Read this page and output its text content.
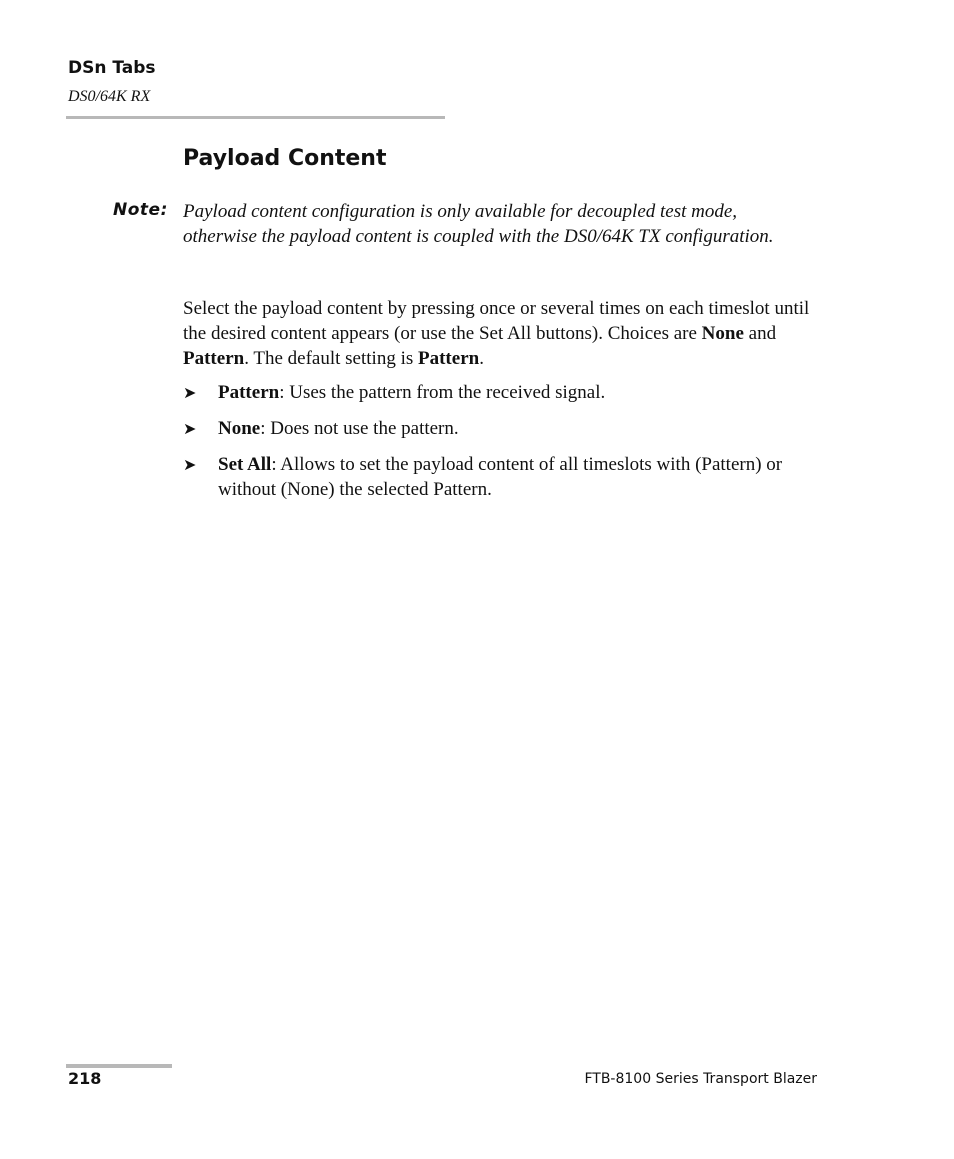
DSn Tabs
DS0/64K RX
Payload Content
Note: Payload content configuration is only available for decoupled test mode, otherwise the payload content is coupled with the DS0/64K TX configuration.

Select the payload content by pressing once or several times on each timeslot until the desired content appears (or use the Set All buttons). Choices are None and Pattern. The default setting is Pattern.

➤ Pattern: Uses the pattern from the received signal.
➤ None: Does not use the pattern.
➤ Set All: Allows to set the payload content of all timeslots with (Pattern) or without (None) the selected Pattern.
218	FTB-8100 Series Transport Blazer
